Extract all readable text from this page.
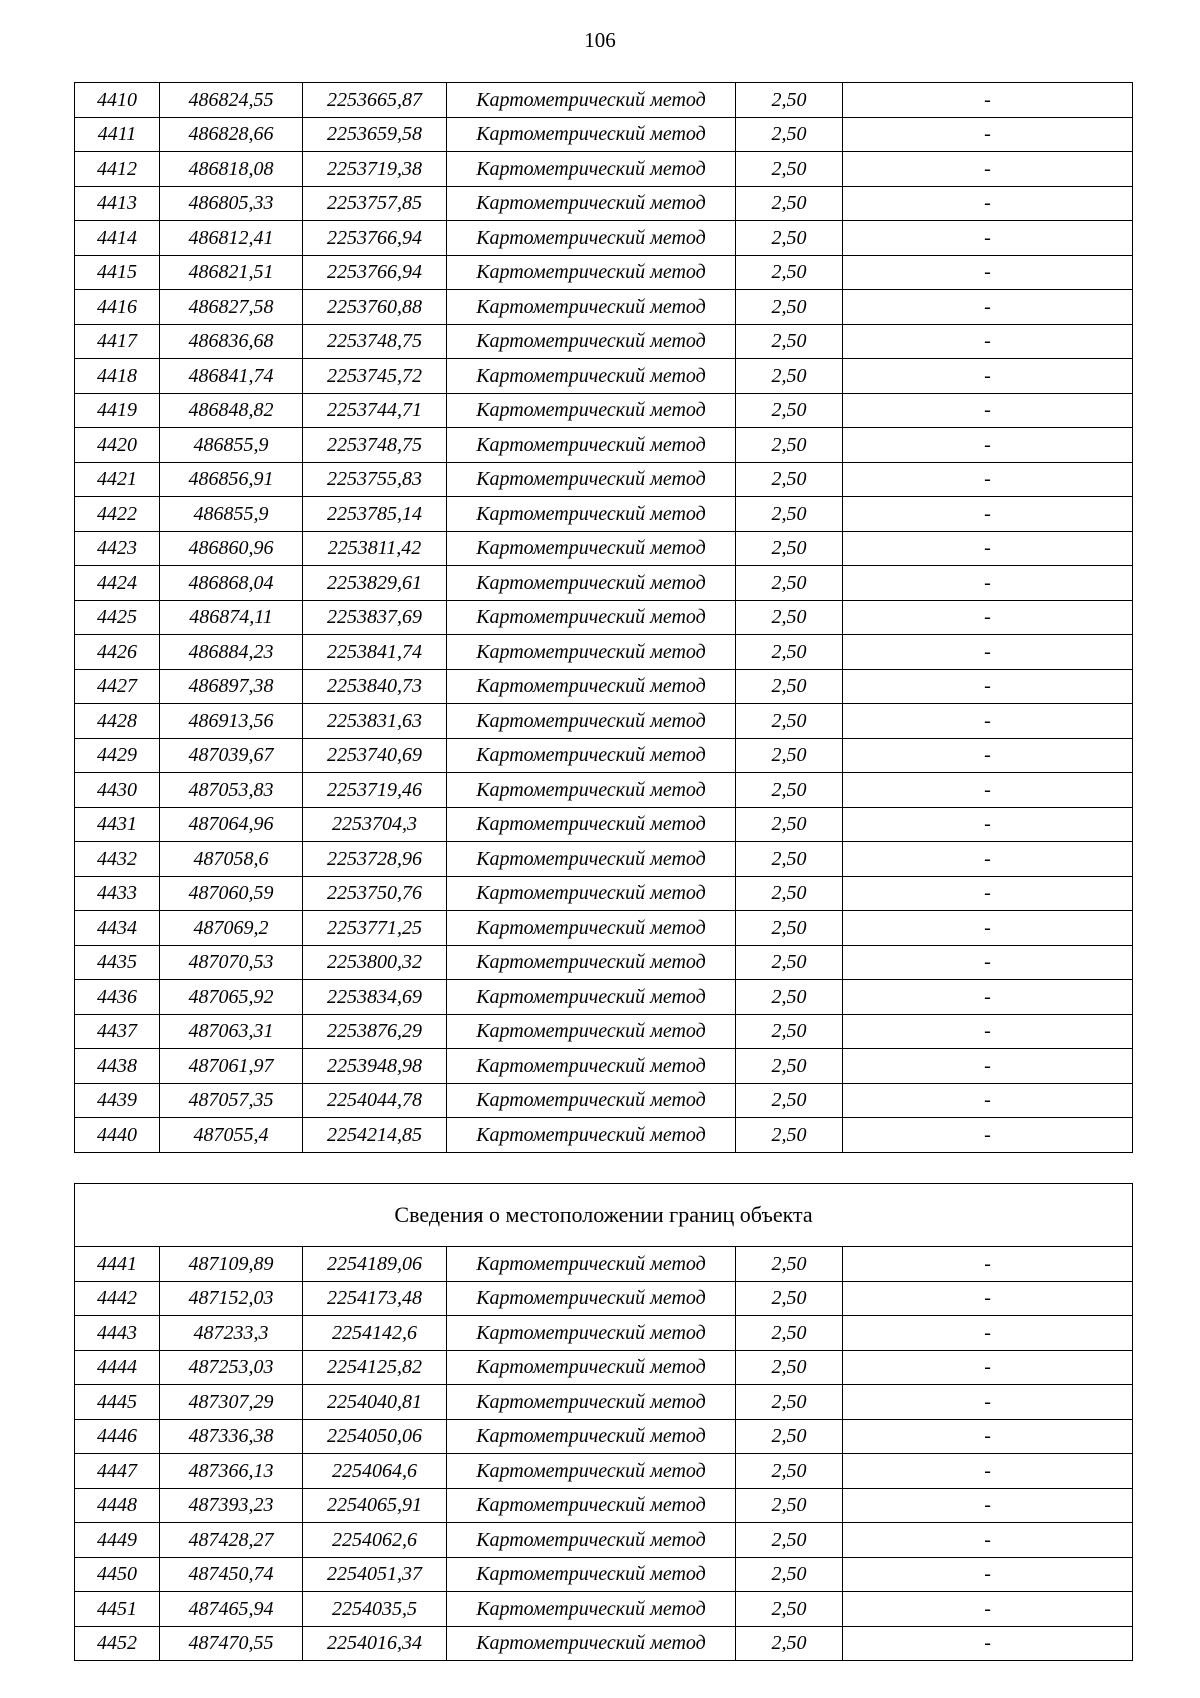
106
4410	486824,55	2253665,87	Картометрический метод	2,50	-
4411	486828,66	2253659,58	Картометрический метод	2,50	-
4412	486818,08	2253719,38	Картометрический метод	2,50	-
4413	486805,33	2253757,85	Картометрический метод	2,50	-
4414	486812,41	2253766,94	Картометрический метод	2,50	-
4415	486821,51	2253766,94	Картометрический метод	2,50	-
4416	486827,58	2253760,88	Картометрический метод	2,50	-
4417	486836,68	2253748,75	Картометрический метод	2,50	-
4418	486841,74	2253745,72	Картометрический метод	2,50	-
4419	486848,82	2253744,71	Картометрический метод	2,50	-
4420	486855,9	2253748,75	Картометрический метод	2,50	-
4421	486856,91	2253755,83	Картометрический метод	2,50	-
4422	486855,9	2253785,14	Картометрический метод	2,50	-
4423	486860,96	2253811,42	Картометрический метод	2,50	-
4424	486868,04	2253829,61	Картометрический метод	2,50	-
4425	486874,11	2253837,69	Картометрический метод	2,50	-
4426	486884,23	2253841,74	Картометрический метод	2,50	-
4427	486897,38	2253840,73	Картометрический метод	2,50	-
4428	486913,56	2253831,63	Картометрический метод	2,50	-
4429	487039,67	2253740,69	Картометрический метод	2,50	-
4430	487053,83	2253719,46	Картометрический метод	2,50	-
4431	487064,96	2253704,3	Картометрический метод	2,50	-
4432	487058,6	2253728,96	Картометрический метод	2,50	-
4433	487060,59	2253750,76	Картометрический метод	2,50	-
4434	487069,2	2253771,25	Картометрический метод	2,50	-
4435	487070,53	2253800,32	Картометрический метод	2,50	-
4436	487065,92	2253834,69	Картометрический метод	2,50	-
4437	487063,31	2253876,29	Картометрический метод	2,50	-
4438	487061,97	2253948,98	Картометрический метод	2,50	-
4439	487057,35	2254044,78	Картометрический метод	2,50	-
4440	487055,4	2254214,85	Картометрический метод	2,50	-
Сведения о местоположении границ объекта					
4441	487109,89	2254189,06	Картометрический метод	2,50	-
4442	487152,03	2254173,48	Картометрический метод	2,50	-
4443	487233,3	2254142,6	Картометрический метод	2,50	-
4444	487253,03	2254125,82	Картометрический метод	2,50	-
4445	487307,29	2254040,81	Картометрический метод	2,50	-
4446	487336,38	2254050,06	Картометрический метод	2,50	-
4447	487366,13	2254064,6	Картометрический метод	2,50	-
4448	487393,23	2254065,91	Картометрический метод	2,50	-
4449	487428,27	2254062,6	Картометрический метод	2,50	-
4450	487450,74	2254051,37	Картометрический метод	2,50	-
4451	487465,94	2254035,5	Картометрический метод	2,50	-
4452	487470,55	2254016,34	Картометрический метод	2,50	-
